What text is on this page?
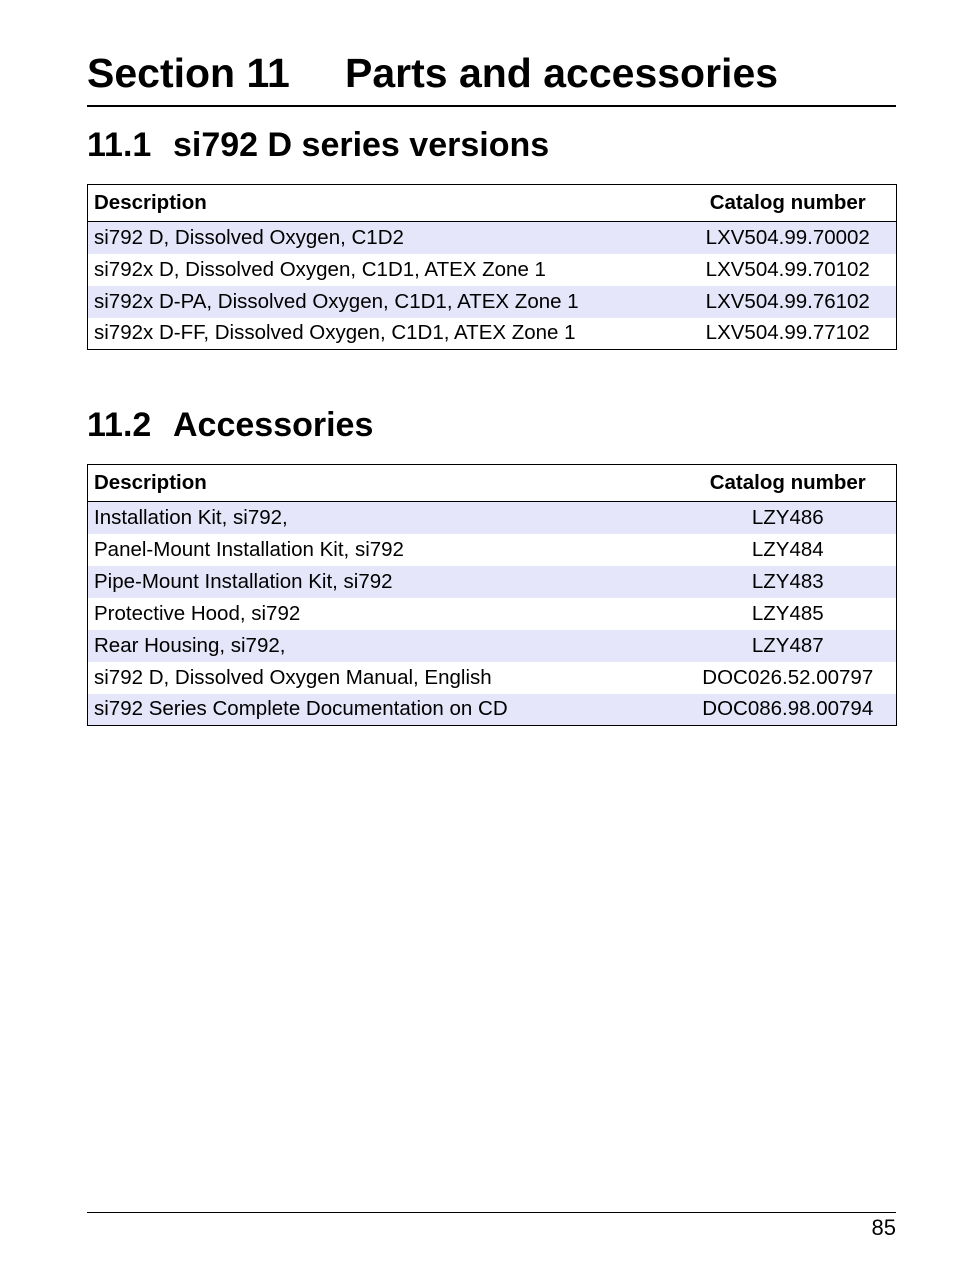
Section 11 Parts and accessories
11.1 si792 D series versions
Description	Catalog number
si792 D, Dissolved Oxygen, C1D2	LXV504.99.70002
si792x D, Dissolved Oxygen, C1D1, ATEX Zone 1	LXV504.99.70102
si792x D-PA, Dissolved Oxygen, C1D1, ATEX Zone 1	LXV504.99.76102
si792x D-FF, Dissolved Oxygen, C1D1, ATEX Zone 1	LXV504.99.77102
11.2 Accessories
Description	Catalog number
Installation Kit, si792,	LZY486
Panel-Mount Installation Kit, si792	LZY484
Pipe-Mount Installation Kit, si792	LZY483
Protective Hood, si792	LZY485
Rear Housing, si792,	LZY487
si792 D, Dissolved Oxygen Manual, English	DOC026.52.00797
si792 Series Complete Documentation on CD	DOC086.98.00794
85
